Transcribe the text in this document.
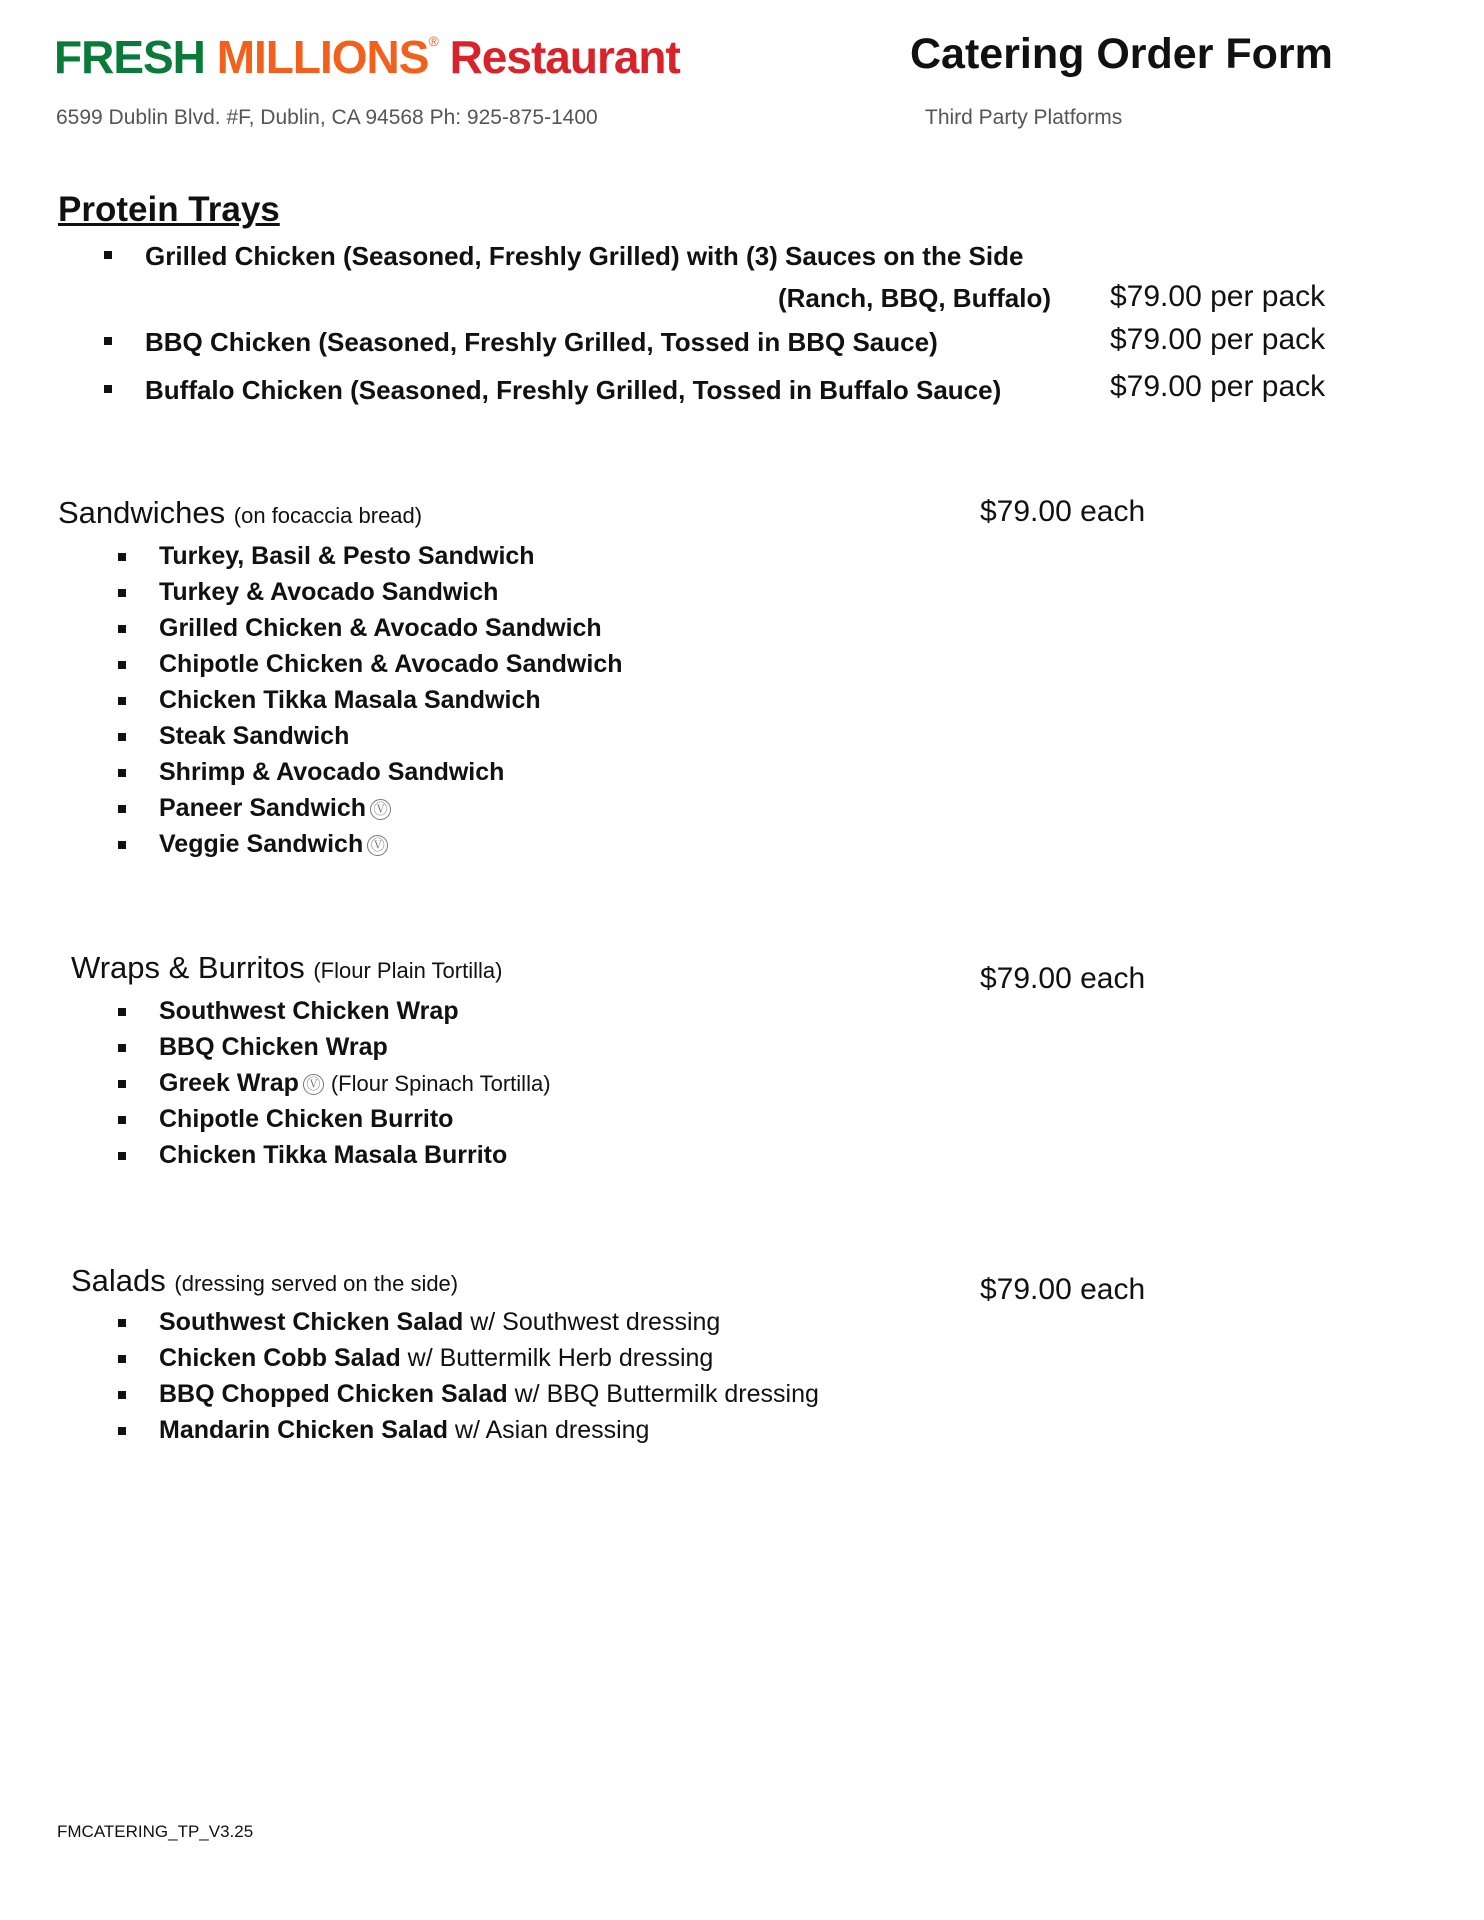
FRESH MILLIONS® Restaurant
6599 Dublin Blvd. #F, Dublin, CA 94568 Ph: 925-875-1400
Catering Order Form
Third Party Platforms
Protein Trays
Grilled Chicken (Seasoned, Freshly Grilled) with (3) Sauces on the Side
(Ranch, BBQ, Buffalo) $79.00 per pack
BBQ Chicken (Seasoned, Freshly Grilled, Tossed in BBQ Sauce)	$79.00 per pack
Buffalo Chicken (Seasoned, Freshly Grilled, Tossed in Buffalo Sauce)	$79.00 per pack
Sandwiches (on focaccia bread)	$79.00 each
Turkey, Basil & Pesto Sandwich
Turkey & Avocado Sandwich
Grilled Chicken & Avocado Sandwich
Chipotle Chicken & Avocado Sandwich
Chicken Tikka Masala Sandwich
Steak Sandwich
Shrimp & Avocado Sandwich
Paneer Sandwich Ⓥ
Veggie Sandwich Ⓥ
Wraps & Burritos (Flour Plain Tortilla)	$79.00 each
Southwest Chicken Wrap
BBQ Chicken Wrap
Greek Wrap Ⓥ (Flour Spinach Tortilla)
Chipotle Chicken Burrito
Chicken Tikka Masala Burrito
Salads (dressing served on the side)	$79.00 each
Southwest Chicken Salad w/ Southwest dressing
Chicken Cobb Salad w/ Buttermilk Herb dressing
BBQ Chopped Chicken Salad w/ BBQ Buttermilk dressing
Mandarin Chicken Salad w/ Asian dressing
FMCATERING_TP_V3.25
